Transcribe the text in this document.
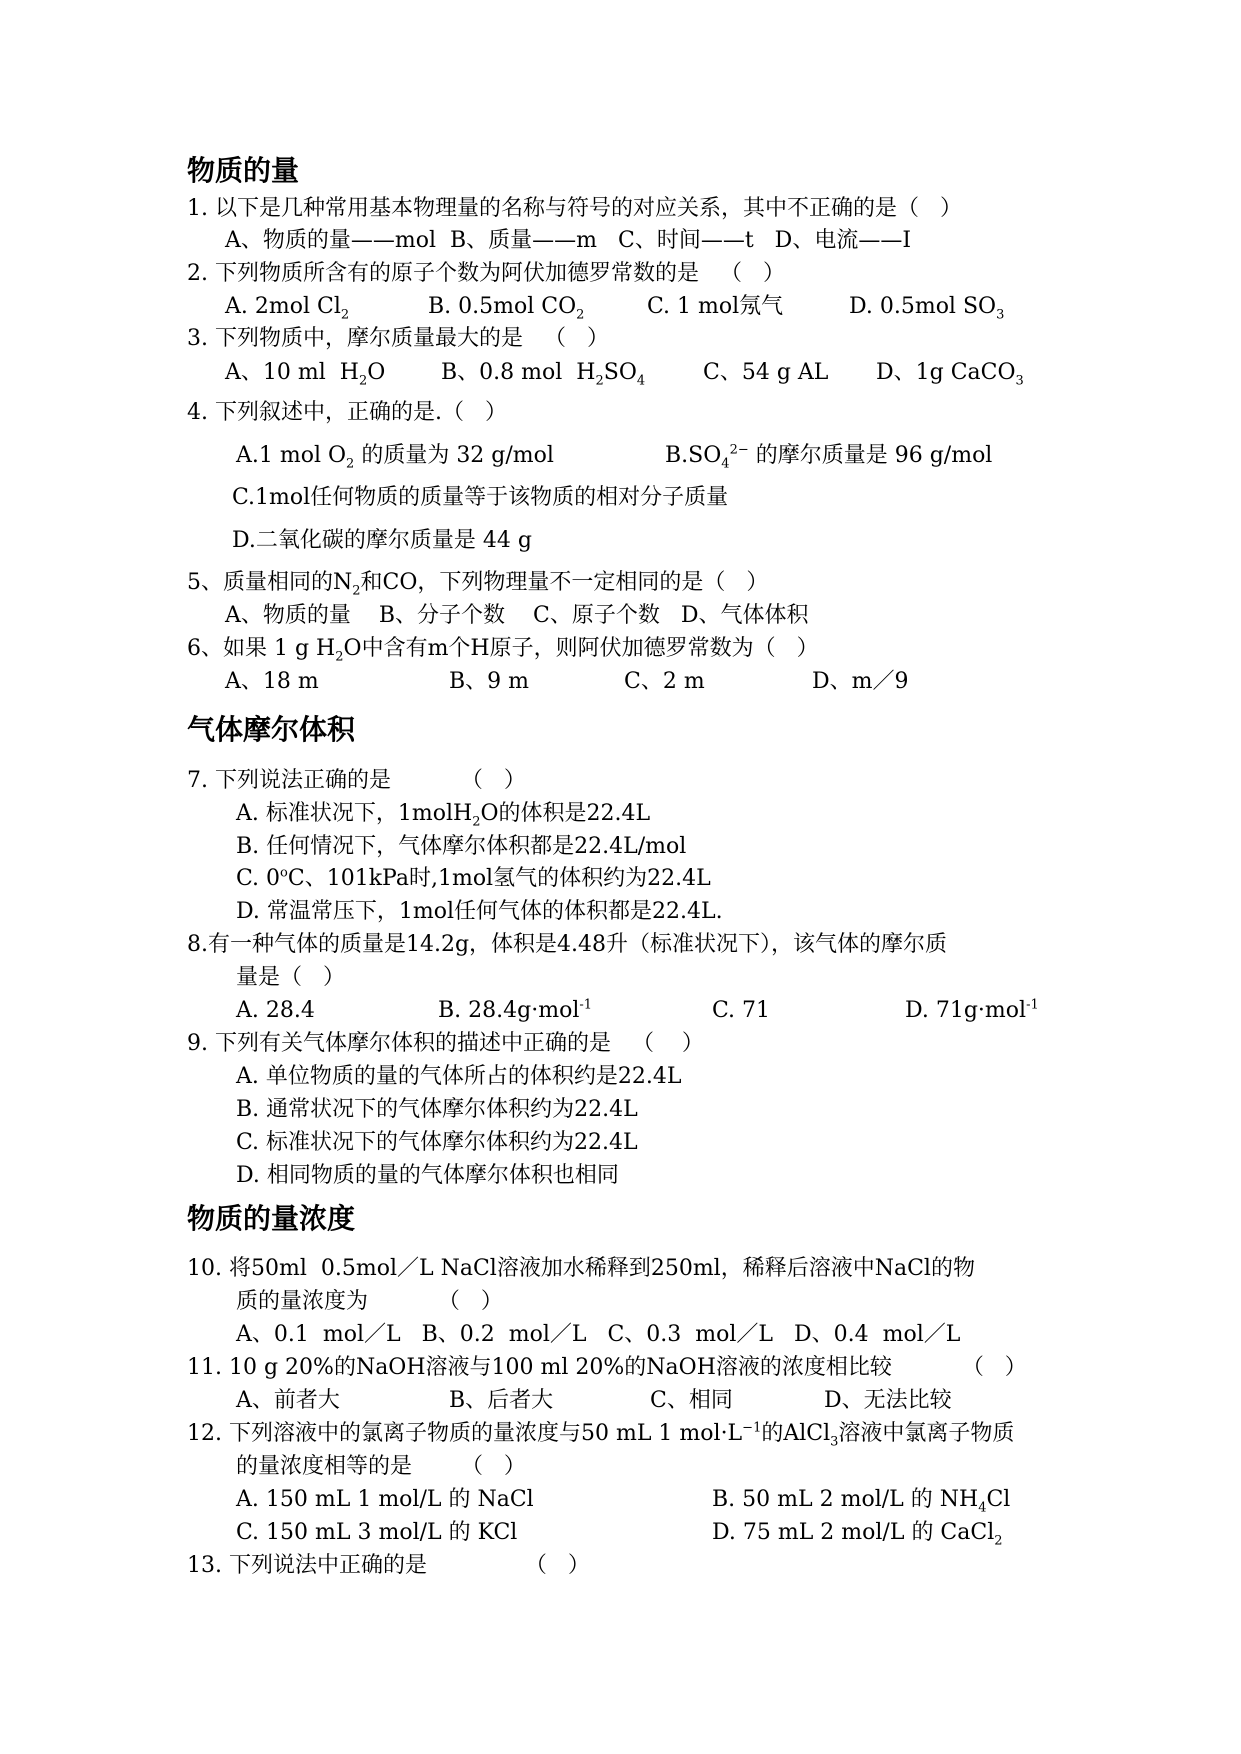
物质的量
1. 以下是几种常用基本物理量的名称与符号的对应关系，其中不正确的是（   ）
A、物质的量——mol  B、质量——m   C、时间——t   D、电流——I
2. 下列物质所含有的原子个数为阿伏加德罗常数的是   （   ）
A. 2mol $Cl_2$	B. 0.5mol $CO_2$	C. 1 mol氖气	D. 0.5mol $SO_3$
3. 下列物质中，摩尔质量最大的是   （   ）
A、10 ml  $H_2O$	B、0.8 mol  $H_2SO_4$	C、54 g AL D、1g CaCO$_3$
4. 下列叙述中，正确的是.（   ）
A.1 mol $O_2$ 的质量为 32 g/mol	$B.SO_4^{2-}$ 的摩尔质量是 96 g/mol
C.1mol任何物质的质量等于该物质的相对分子质量
D.二氧化碳的摩尔质量是 44 g
5、质量相同的$N_2$和CO，下列物理量不一定相同的是（   ）
A、物质的量    B、分子个数    C、原子个数   D、气体体积
6、如果 1 g $H_2O$中含有m个H原子，则阿伏加德罗常数为（   ）
A、18 m	B、9 m	C、2 m	D、m／9
气体摩尔体积
7. 下列说法正确的是          （   ）
A. 标准状况下，1molH$_2$O的体积是22.4L
B. 任何情况下，气体摩尔体积都是22.4L/mol
C. 0$^o$C、101kPa时,1mol氢气的体积约为22.4L
D. 常温常压下，1mol任何气体的体积都是22.4L.
8.有一种气体的质量是14.2g，体积是4.48升（标准状况下），该气体的摩尔质
量是（   ）
A. 28.4	B. 28.4g·mol$^{-1}$	C. 71	D. 71g·mol$^{-1}$
9. 下列有关气体摩尔体积的描述中正确的是   （    ）
A. 单位物质的量的气体所占的体积约是22.4L
B. 通常状况下的气体摩尔体积约为22.4L
C. 标准状况下的气体摩尔体积约为22.4L
D. 相同物质的量的气体摩尔体积也相同
物质的量浓度
10. 将50ml  0.5mol／L NaCl溶液加水稀释到250ml，稀释后溶液中NaCl的物
质的量浓度为          （   ）
A、0.1  mol／L   B、0.2  mol／L   C、0.3  mol／L   D、0.4  mol／L
11. 10 g 20%的NaOH溶液与100 ml 20%的NaOH溶液的浓度相比较          （   ）
A、前者大	B、后者大	C、相同	D、无法比较
12. 下列溶液中的氯离子物质的量浓度与50 mL 1 $mol\cdot L^{-1}$的AlCl$_3$溶液中氯离子物质
的量浓度相等的是       （   ）
A. 150 mL 1 mol/L 的 NaCl	B. 50 mL 2 mol/L 的 $NH_4Cl$
C. 150 mL 3 mol/L 的 KCl	D. 75 mL 2 mol/L 的 CaCl$_2$
13. 下列说法中正确的是              （   ）
